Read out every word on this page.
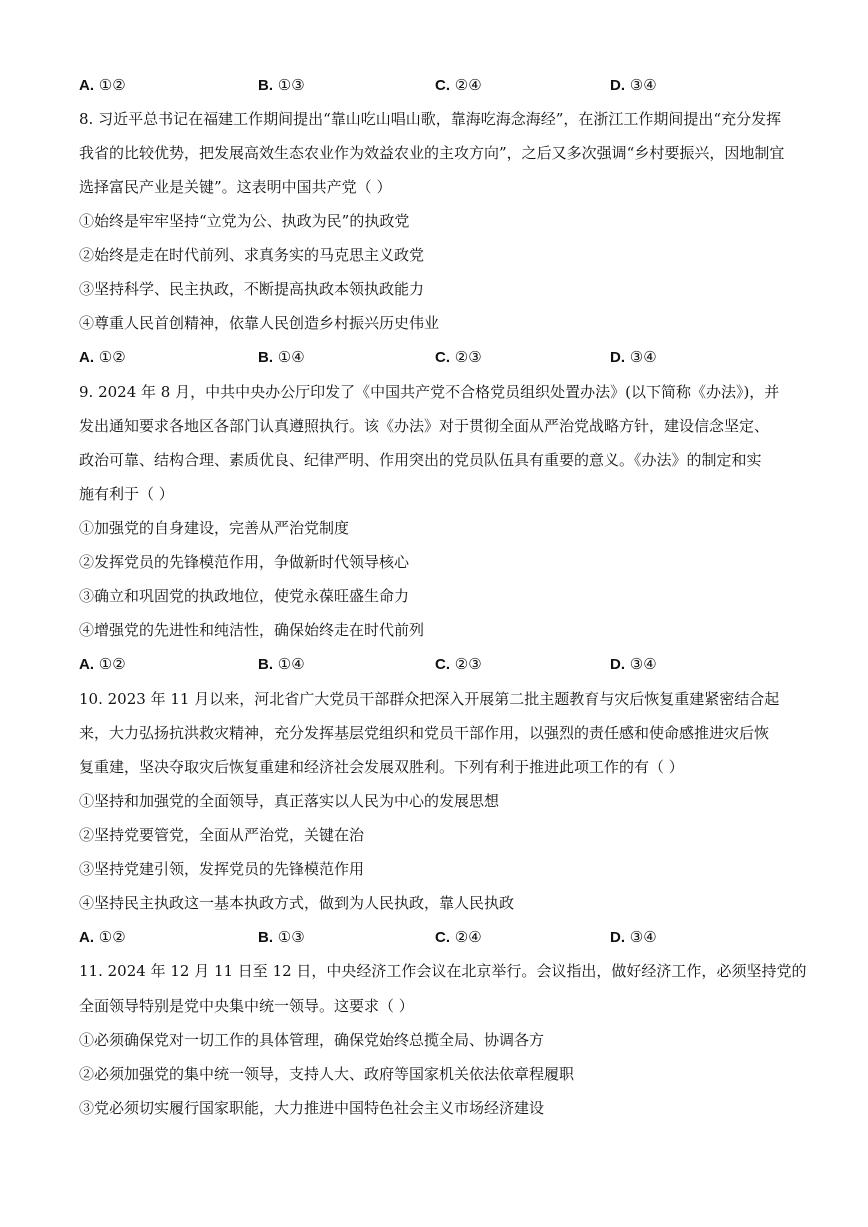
A. ①②	B. ①③	C. ②④	D. ③④
8. 习近平总书记在福建工作期间提出“靠山吃山唱山歌，靠海吃海念海经”，在浙江工作期间提出“充分发挥
我省的比较优势，把发展高效生态农业作为效益农业的主攻方向”，之后又多次强调“乡村要振兴，因地制宜
选择富民产业是关键”。这表明中国共产党（ ）
①始终是牢牢坚持“立党为公、执政为民”的执政党
②始终是走在时代前列、求真务实的马克思主义政党
③坚持科学、民主执政，不断提高执政本领执政能力
④尊重人民首创精神，依靠人民创造乡村振兴历史伟业
A. ①②	B. ①④	C. ②③	D. ③④
9. 2024 年 8 月，中共中央办公厅印发了《中国共产党不合格党员组织处置办法》(以下简称《办法》)，并
发出通知要求各地区各部门认真遵照执行。该《办法》对于贯彻全面从严治党战略方针，建设信念坚定、
政治可靠、结构合理、素质优良、纪律严明、作用突出的党员队伍具有重要的意义。《办法》的制定和实
施有利于（ ）
①加强党的自身建设，完善从严治党制度
②发挥党员的先锋模范作用，争做新时代领导核心
③确立和巩固党的执政地位，使党永葆旺盛生命力
④增强党的先进性和纯洁性，确保始终走在时代前列
A. ①②	B. ①④	C. ②③	D. ③④
10. 2023 年 11 月以来，河北省广大党员干部群众把深入开展第二批主题教育与灾后恢复重建紧密结合起
来，大力弘扬抗洪救灾精神，充分发挥基层党组织和党员干部作用，以强烈的责任感和使命感推进灾后恢
复重建，坚决夺取灾后恢复重建和经济社会发展双胜利。下列有利于推进此项工作的有（ ）
①坚持和加强党的全面领导，真正落实以人民为中心的发展思想
②坚持党要管党，全面从严治党，关键在治
③坚持党建引领，发挥党员的先锋模范作用
④坚持民主执政这一基本执政方式，做到为人民执政，靠人民执政
A. ①②	B. ①③	C. ②④	D. ③④
11. 2024 年 12 月 11 日至 12 日，中央经济工作会议在北京举行。会议指出，做好经济工作，必须坚持党的
全面领导特别是党中央集中统一领导。这要求（ ）
①必须确保党对一切工作的具体管理，确保党始终总揽全局、协调各方
②必须加强党的集中统一领导，支持人大、政府等国家机关依法依章程履职
③党必须切实履行国家职能，大力推进中国特色社会主义市场经济建设
